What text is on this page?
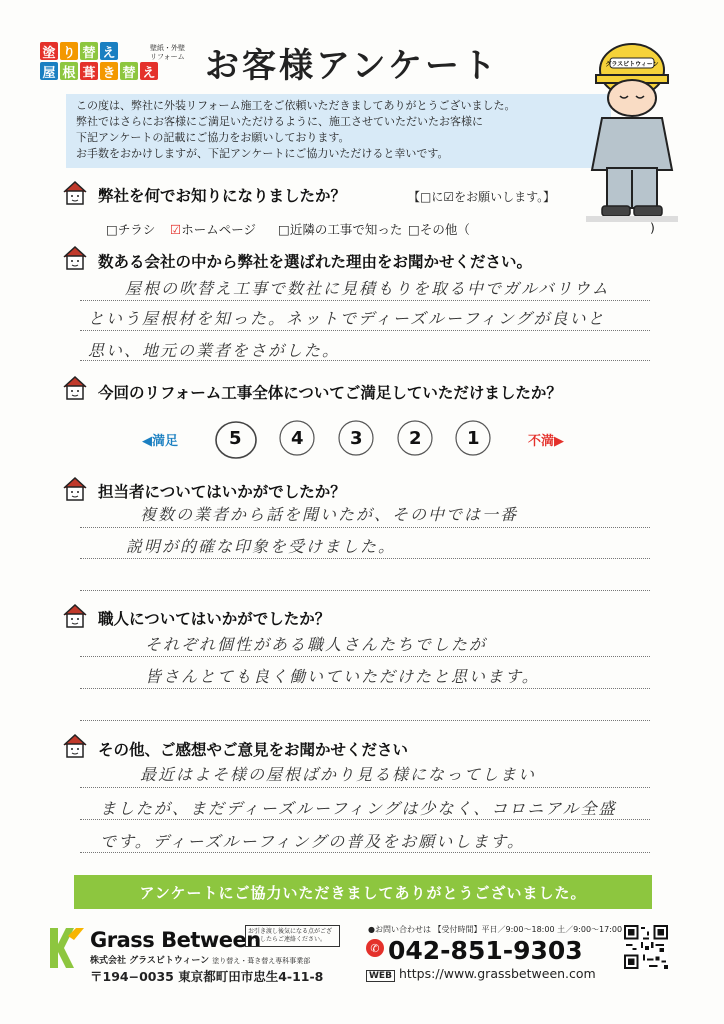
塗 り 替 え
屋 根 葺 き 替 え
壁紙・外壁 リフォーム お客様アンケート
この度は、弊社に外装リフォーム施工をご依頼いただきましてありがとうございました。
弊社ではさらにお客様にご満足いただけるように、施工させていただいたお客様に
下記アンケートの記載にご協力をお願いしております。
お手数をおかけしますが、下記アンケートにご協力いただけると幸いです。
グラスビトウィーン
弊社を何でお知りになりましたか？	【□に☑をお願いします。】
□チラシ ☑ホームページ □近隣の工事で知った □その他（	)
数ある会社の中から弊社を選ばれた理由をお聞かせください。
屋根の吹替え工事で数社に見積もりを取る中でガルバリウム
という屋根材を知った。ネットでディーズルーフィングが良いと
思い、地元の業者をさがした。
今回のリフォーム工事全体についてご満足していただけましたか？
◀満足	不満▶
5	4	3	2	1
担当者についてはいかがでしたか？
複数の業者から話を聞いたが、その中では一番
説明が的確な印象を受けました。
職人についてはいかがでしたか？
それぞれ個性がある職人さんたちでしたが
皆さんとても良く働いていただけたと思います。
その他、ご感想やご意見をお聞かせください
最近はよそ様の屋根ばかり見る様になってしまい
ましたが、まだディーズルーフィングは少なく、コロニアル全盛
です。ディーズルーフィングの普及をお願いします。
アンケートにご協力いただきましてありがとうございました。
Grass Between
お引き渡し後気になる点がございましたらご連絡ください。
株式会社 グラスビトウィーン 塗り替え・葺き替え専科事業部
〒194−0035 東京都町田市忠生4-11-8
●お問い合わせは 【受付時間】平日／9:00〜18:00 土／9:00〜17:00
✆ 042-851-9303
WEB https://www.grassbetween.com
